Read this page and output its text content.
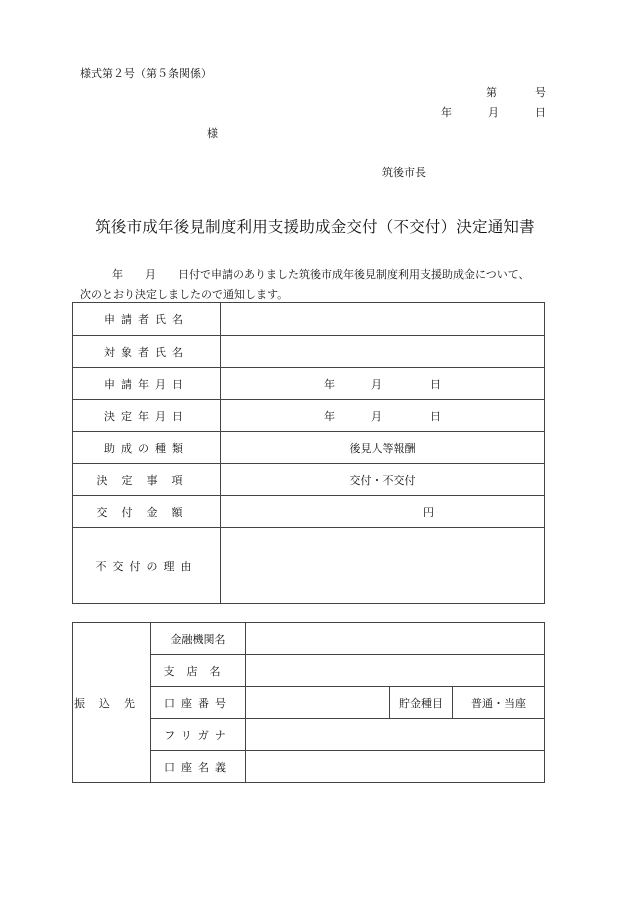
様式第２号（第５条関係）
第	号
年	月	日
様
筑後市長
筑後市成年後見制度利用支援助成金交付（不交付）決定通知書
年 月 日付で申請のありました筑後市成年後見制度利用支援助成金について、
次のとおり決定しましたので通知します。
申請者氏名	
対象者氏名	
申請年月日	年 月 日
決定年月日	年 月 日
助成の種類	後見人等報酬
決定事項	交付・不交付
交付金額	円
不交付の理由	
振込先	金融機関名			
	支店名			
	口座番号		貯金種目	普通・当座
	フリガナ			
	口座名義			
